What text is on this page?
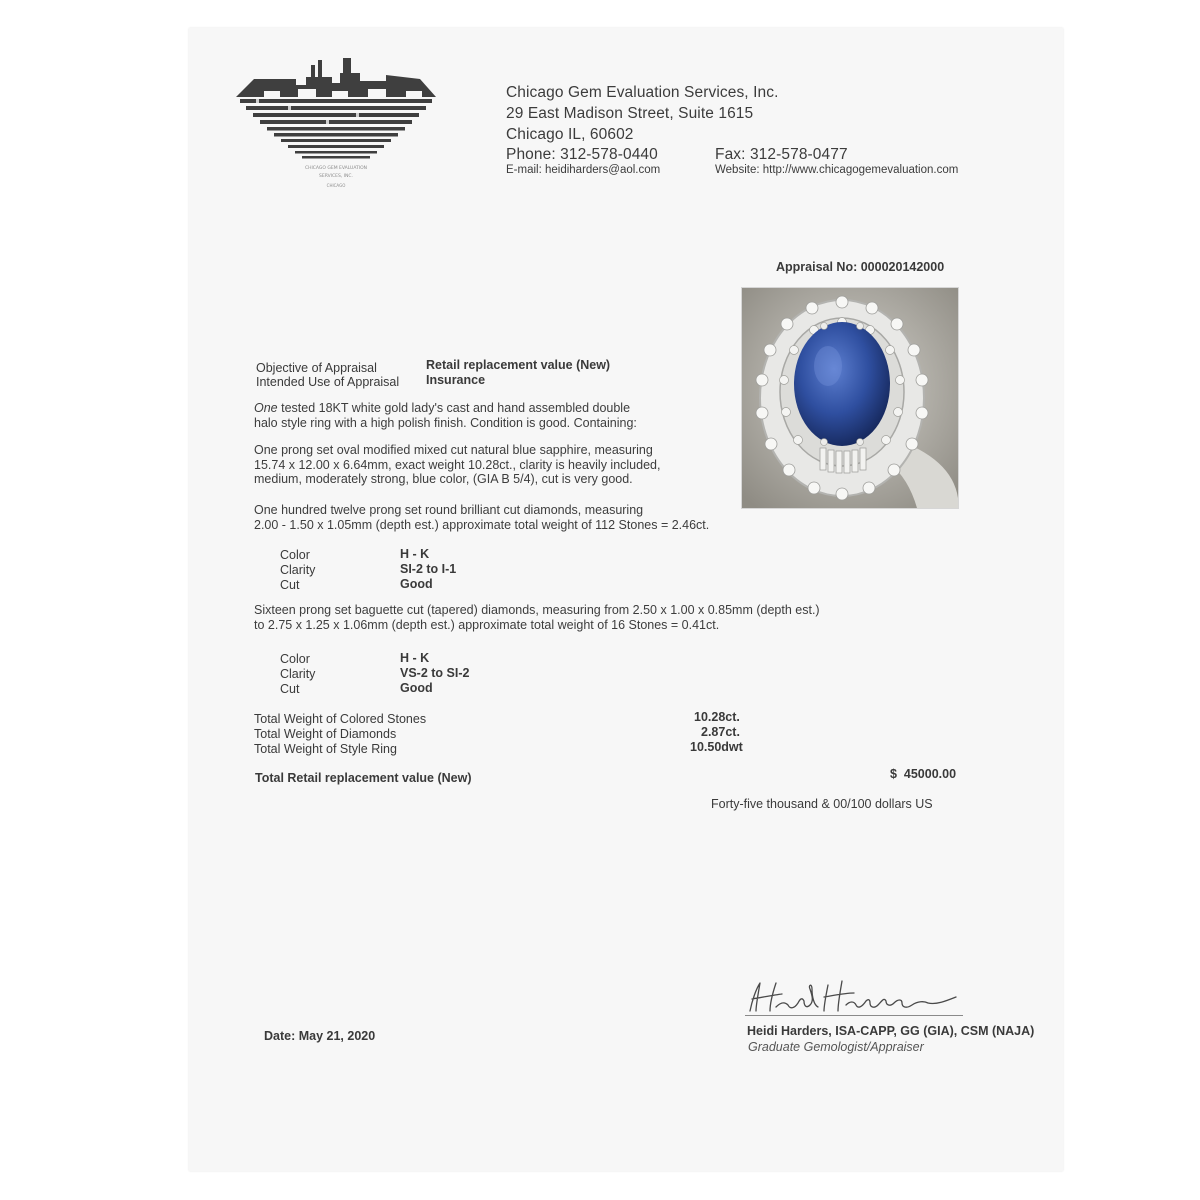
CHICAGO GEM EVALUATION
SERVICES, INC.
CHICAGO
Chicago Gem Evaluation Services, Inc.
29 East Madison Street, Suite 1615
Chicago IL, 60602
Phone: 312-578-0440	Fax: 312-578-0477
E-mail: heidiharders@aol.com	Website: http://www.chicagogemevaluation.com
Appraisal No: 000020142000
Objective of Appraisal	Retail replacement value (New)
Intended Use of Appraisal Insurance
One tested 18KT white gold lady's cast and hand assembled double
halo style ring with a high polish finish. Condition is good. Containing:
One prong set oval modified mixed cut natural blue sapphire, measuring
15.74 x 12.00 x 6.64mm, exact weight 10.28ct., clarity is heavily included,
medium, moderately strong, blue color, (GIA B 5/4), cut is very good.
One hundred twelve prong set round brilliant cut diamonds, measuring
2.00 - 1.50 x 1.05mm (depth est.) approximate total weight of 112 Stones = 2.46ct.
Color	H - K
Clarity	SI-2 to I-1
Cut	Good
Sixteen prong set baguette cut (tapered) diamonds, measuring from 2.50 x 1.00 x 0.85mm (depth est.)
to 2.75 x 1.25 x 1.06mm (depth est.) approximate total weight of 16 Stones = 0.41ct.
Color	H - K
Clarity	VS-2 to SI-2
Cut	Good
Total Weight of Colored Stones	10.28ct.
Total Weight of Diamonds	2.87ct.
Total Weight of Style Ring	10.50dwt
Total Retail replacement value (New)	$  45000.00
Forty-five thousand & 00/100 dollars US
Date: May 21, 2020	Heidi Harders, ISA-CAPP, GG (GIA), CSM (NAJA)
Graduate Gemologist/Appraiser
